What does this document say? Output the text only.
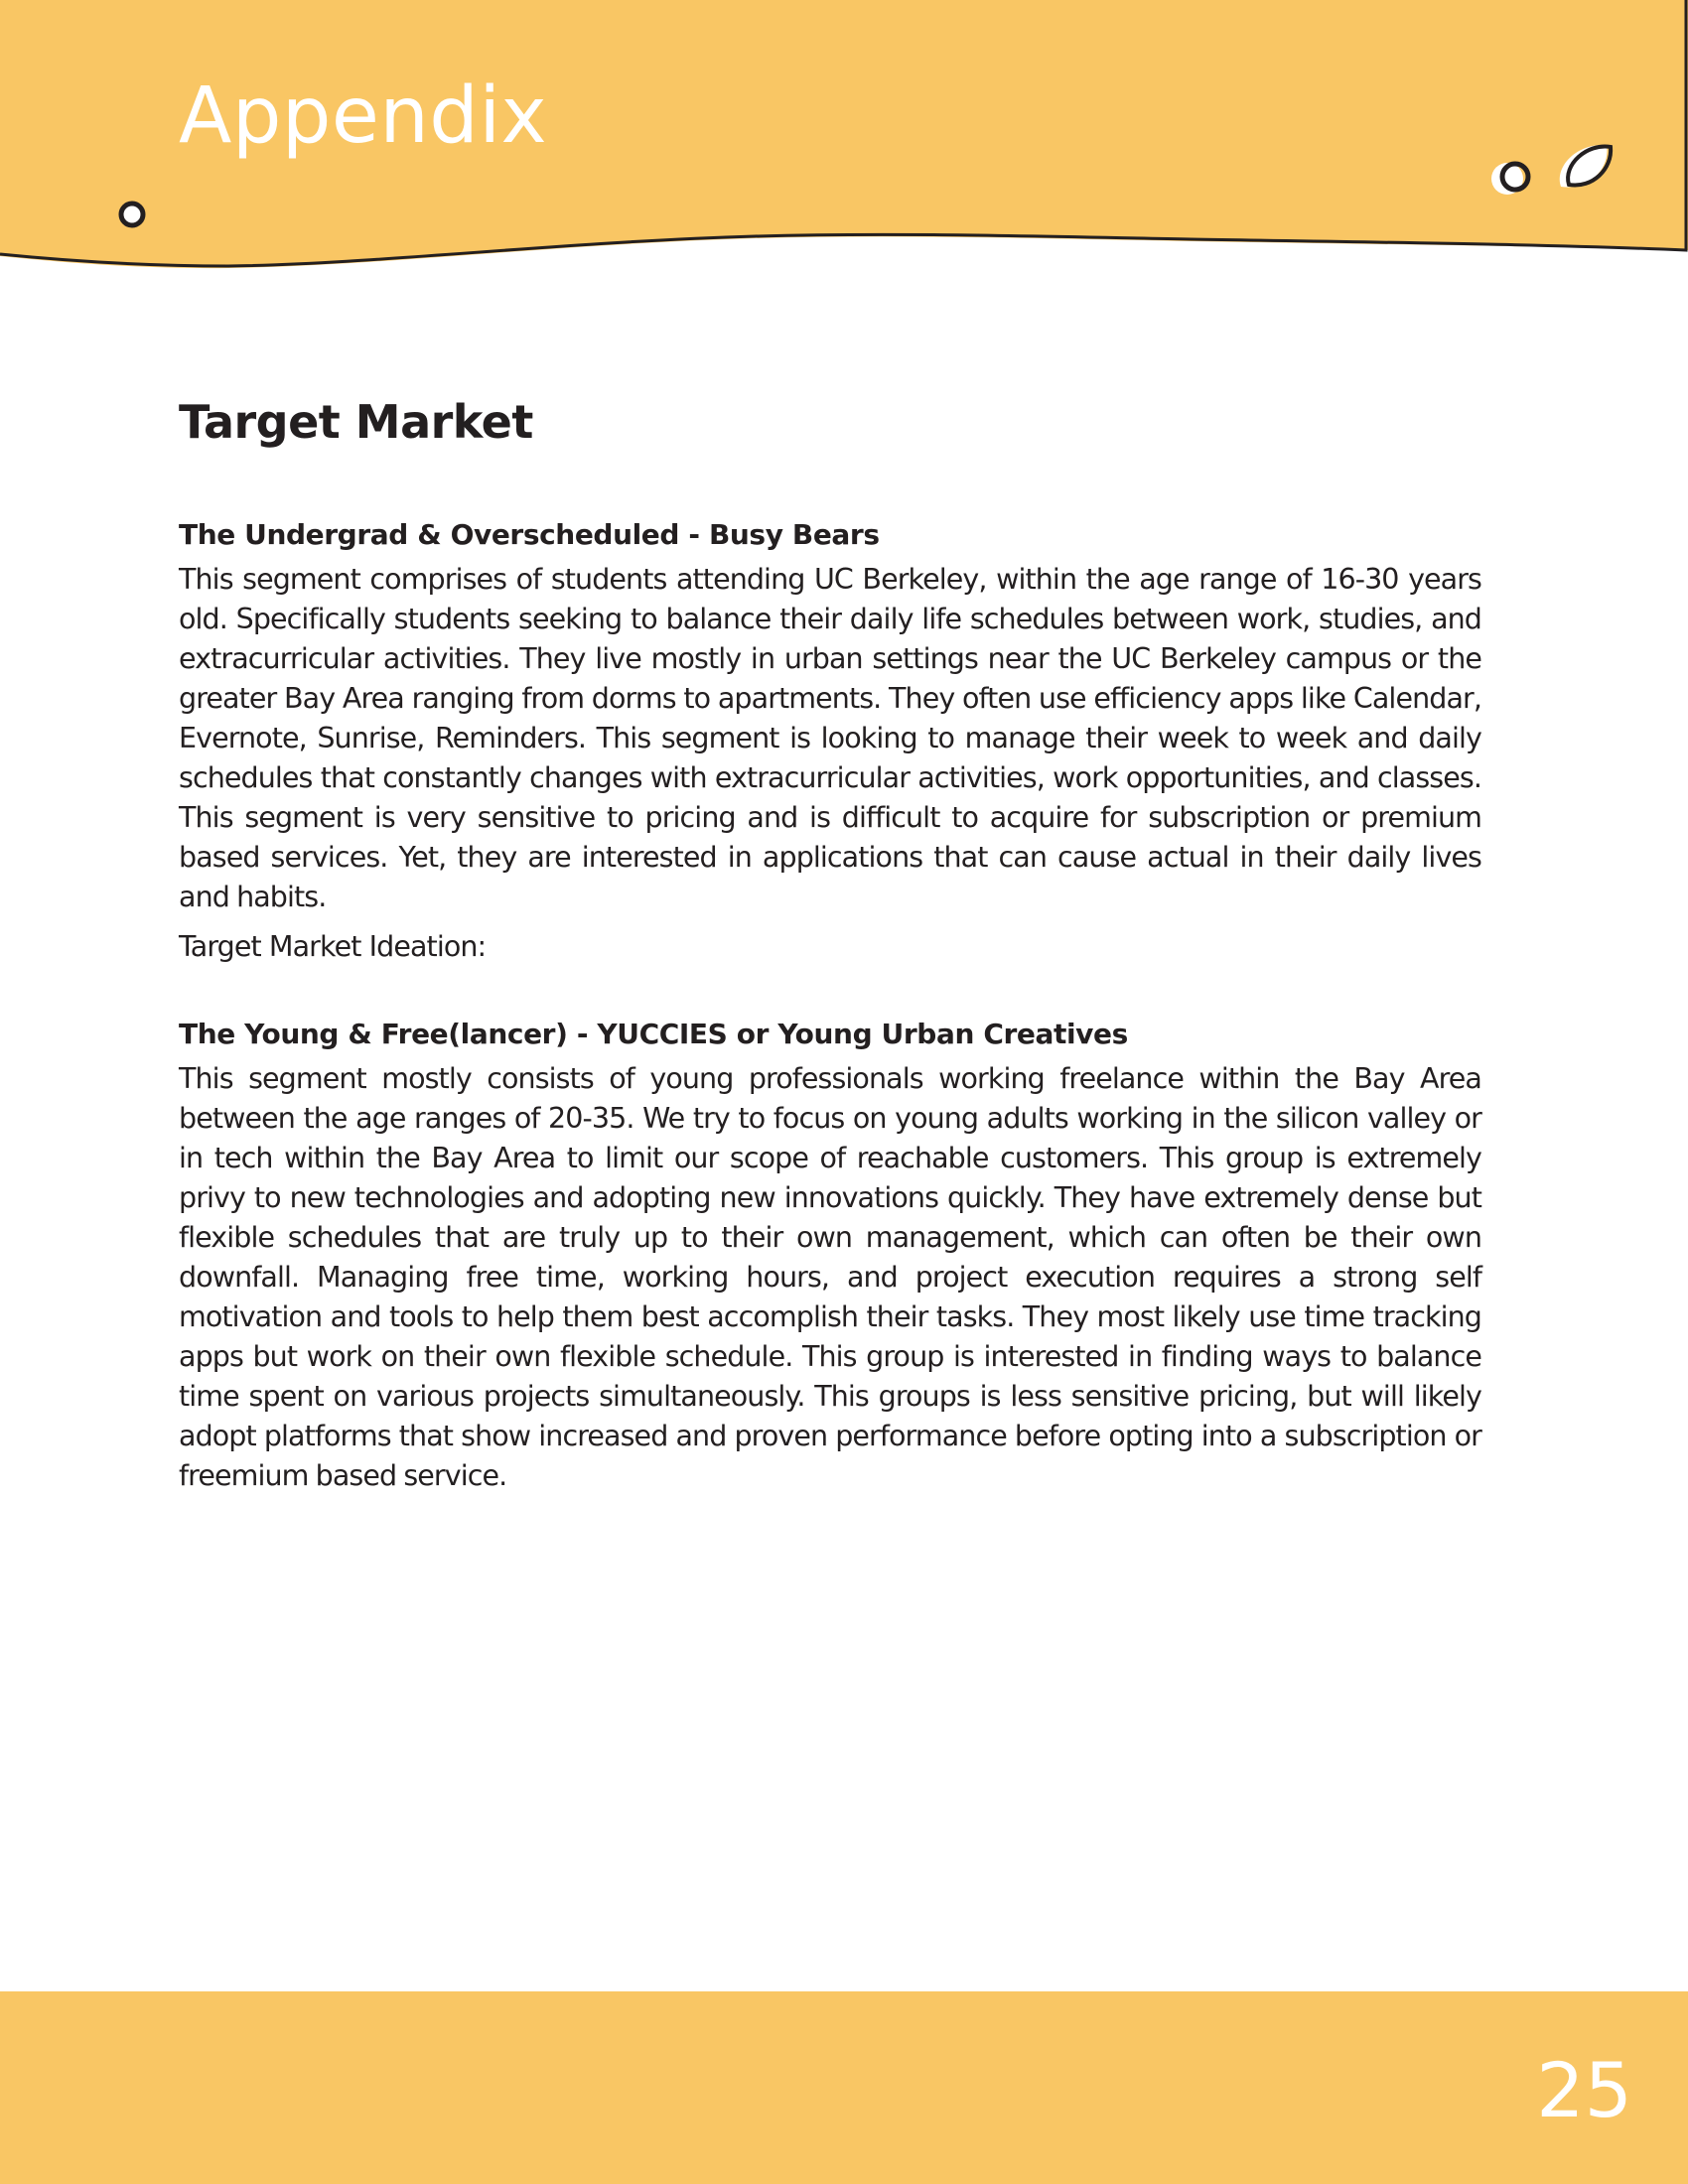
Appendix
Target Market
The Undergrad & Overscheduled - Busy Bears

This segment comprises of students attending UC Berkeley, within the age range of 16-30 years old. Specifically students seeking to balance their daily life schedules between work, studies, and extracurricular activities. They live mostly in urban settings near the UC Berkeley campus or the greater Bay Area ranging from dorms to apartments. They often use efficiency apps like Calendar, Evernote, Sunrise, Reminders. This segment is looking to manage their week to week and daily schedules that constantly changes with extracurricular activities, work opportunities, and classes. This segment is very sensitive to pricing and is difficult to acquire for subscription or premium based services. Yet, they are interested in applications that can cause actual in their daily lives and habits.

Target Market Ideation:

The Young & Free(lancer) - YUCCIES or Young Urban Creatives

This segment mostly consists of young professionals working freelance within the Bay Area between the age ranges of 20-35. We try to focus on young adults working in the silicon valley or in tech within the Bay Area to limit our scope of reachable customers. This group is extremely privy to new technologies and adopting new innovations quickly. They have extremely dense but flexible schedules that are truly up to their own management, which can often be their own downfall. Managing free time, working hours, and project execution requires a strong self motivation and tools to help them best accomplish their tasks. They most likely use time tracking apps but work on their own flexible schedule. This group is interested in finding ways to balance time spent on various projects simultaneously. This groups is less sensitive pricing, but will likely adopt platforms that show increased and proven performance before opting into a subscription or freemium based service.

25
